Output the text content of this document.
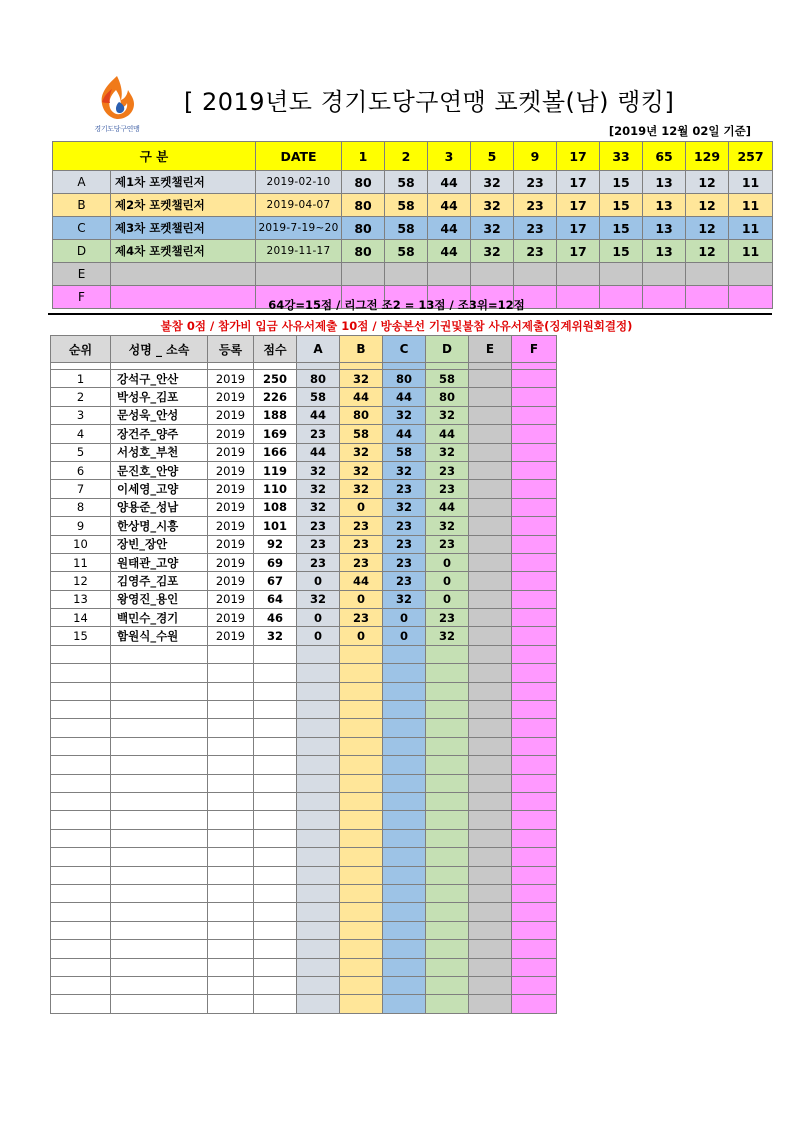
경기도당구연맹
[ 2019년도 경기도당구연맹 포켓볼(남) 랭킹]
[2019년 12월 02일 기준]
구 분		DATE	1	2	3	5	9	17	33	65	129	257
A	제1차 포켓챌린저	2019-02-10	80	58	44	32	23	17	15	13	12	11
B	제2차 포켓챌린저	2019-04-07	80	58	44	32	23	17	15	13	12	11
C	제3차 포켓챌린저	2019-7-19~20	80	58	44	32	23	17	15	13	12	11
D	제4차 포켓챌린저	2019-11-17	80	58	44	32	23	17	15	13	12	11
E												
F												
64강=15점 / 리그전 조2 = 13점 / 조3위=12점
불참 0점 / 참가비 입금 사유서제출 10점 / 방송본선 기권및불참 사유서제출(징계위원회결정)
순위	성명 _ 소속	등록	점수	A	B	C	D	E	F

1	강석구_안산	2019	250	80	32	80	58		
2	박성우_김포	2019	226	58	44	44	80		
3	문성욱_안성	2019	188	44	80	32	32		
4	장건주_양주	2019	169	23	58	44	44		
5	서성호_부천	2019	166	44	32	58	32		
6	문진호_안양	2019	119	32	32	32	23		
7	이세영_고양	2019	110	32	32	23	23		
8	양용준_성남	2019	108	32	0	32	44		
9	한상명_시흥	2019	101	23	23	23	32		
10	장빈_장안	2019	92	23	23	23	23		
11	원태관_고양	2019	69	23	23	23	0		
12	김영주_김포	2019	67	0	44	23	0		
13	왕영진_용인	2019	64	32	0	32	0		
14	백민수_경기	2019	46	0	23	0	23		
15	함원식_수원	2019	32	0	0	0	32		
